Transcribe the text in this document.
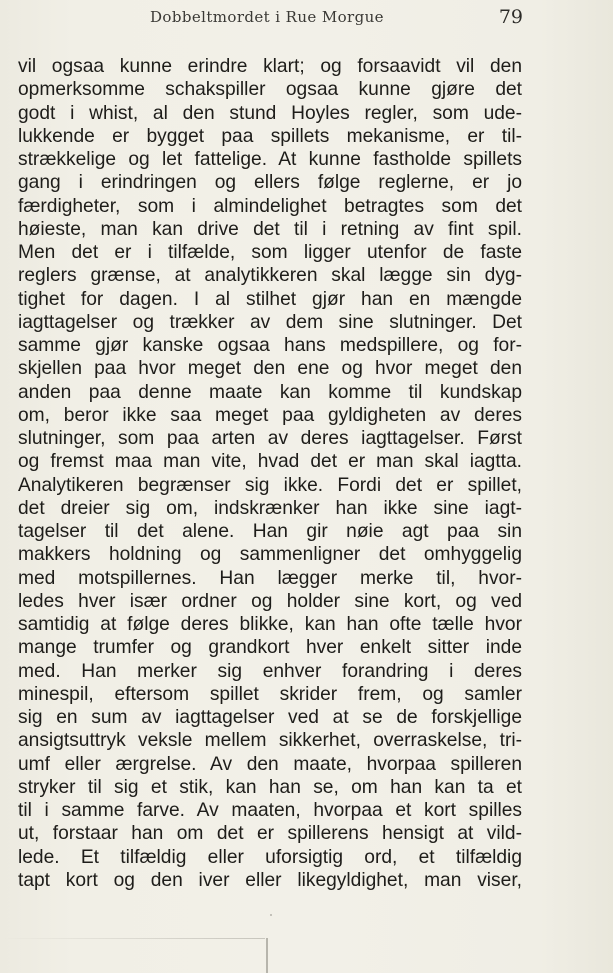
Dobbeltmordet i Rue Morgue	79
vil ogsaa kunne erindre klart; og forsaavidt vil den
opmerksomme schakspiller ogsaa kunne gjøre det
godt i whist, al den stund Hoyles regler, som ude-
lukkende er bygget paa spillets mekanisme, er til-
strækkelige og let fattelige. At kunne fastholde spillets
gang i erindringen og ellers følge reglerne, er jo
færdigheter, som i almindelighet betragtes som det
høieste, man kan drive det til i retning av fint spil.
Men det er i tilfælde, som ligger utenfor de faste
reglers grænse, at analytikkeren skal lægge sin dyg-
tighet for dagen. I al stilhet gjør han en mængde
iagttagelser og trækker av dem sine slutninger. Det
samme gjør kanske ogsaa hans medspillere, og for-
skjellen paa hvor meget den ene og hvor meget den
anden paa denne maate kan komme til kundskap
om, beror ikke saa meget paa gyldigheten av deres
slutninger, som paa arten av deres iagttagelser. Først
og fremst maa man vite, hvad det er man skal iagtta.
Analytikeren begrænser sig ikke. Fordi det er spillet,
det dreier sig om, indskrænker han ikke sine iagt-
tagelser til det alene. Han gir nøie agt paa sin
makkers holdning og sammenligner det omhyggelig
med motspillernes. Han lægger merke til, hvor-
ledes hver især ordner og holder sine kort, og ved
samtidig at følge deres blikke, kan han ofte tælle hvor
mange trumfer og grandkort hver enkelt sitter inde
med. Han merker sig enhver forandring i deres
minespil, eftersom spillet skrider frem, og samler
sig en sum av iagttagelser ved at se de forskjellige
ansigtsuttryk veksle mellem sikkerhet, overraskelse, tri-
umf eller ærgrelse. Av den maate, hvorpaa spilleren
stryker til sig et stik, kan han se, om han kan ta et
til i samme farve. Av maaten, hvorpaa et kort spilles
ut, forstaar han om det er spillerens hensigt at vild-
lede. Et tilfældig eller uforsigtig ord, et tilfældig
tapt kort og den iver eller likegyldighet, man viser,
